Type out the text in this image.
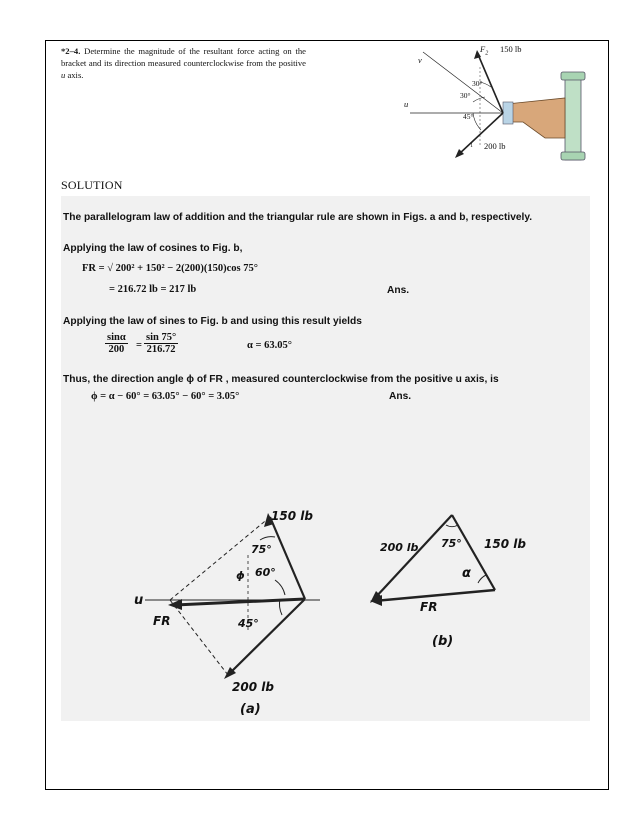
*2–4. Determine the magnitude of the resultant force acting on the bracket and its direction measured counterclockwise from the positive u axis.
v
u
$F_2$ 150 lb
30°
30°
45°
1 200 lb
SOLUTION
The parallelogram law of addition and the triangular rule are shown in Figs. a and b, respectively.
Applying the law of cosines to Fig. b,
FR = √ 200² + 150² − 2(200)(150)cos 75°
= 216.72 lb = 217 lb	Ans.
Applying the law of sines to Fig. b and using this result yields
$\frac{\sin\alpha}{200} = \frac{\sin 75^\circ}{216.72}$	α = 63.05°
Thus, the direction angle ϕ of FR , measured counterclockwise from the positive u axis, is
ϕ = α − 60° = 63.05° − 60° = 3.05°	Ans.
150 lb
75°
60°
ϕ
u
FR	45°
200 lb
(a)
200 lb 75° 150 lb
α
FR
(b)
